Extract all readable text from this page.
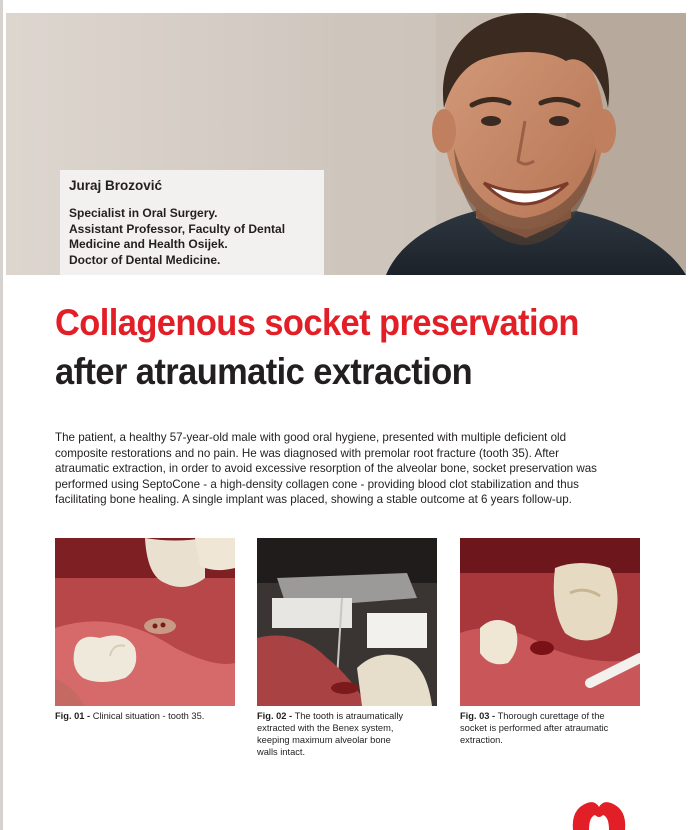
Juraj Brozović
Specialist in Oral Surgery.
Assistant Professor, Faculty of Dental
Medicine and Health Osijek.
Doctor of Dental Medicine.
Collagenous socket preservation
after atraumatic extraction
The patient, a healthy 57-year-old male with good oral hygiene, presented with multiple deficient old
composite restorations and no pain. He was diagnosed with premolar root fracture (tooth 35). After
atraumatic extraction, in order to avoid excessive resorption of the alveolar bone, socket preservation was
performed using SeptoCone - a high-density collagen cone - providing blood clot stabilization and thus
facilitating bone healing. A single implant was placed, showing a stable outcome at 6 years follow-up.
Fig. 01 - Clinical situation - tooth 35.	Fig. 02 - The tooth is atraumatically
extracted with the Benex system,
keeping maximum alveolar bone
walls intact.
Fig. 03 - Thorough curettage of the
socket is performed after atraumatic
extraction.
